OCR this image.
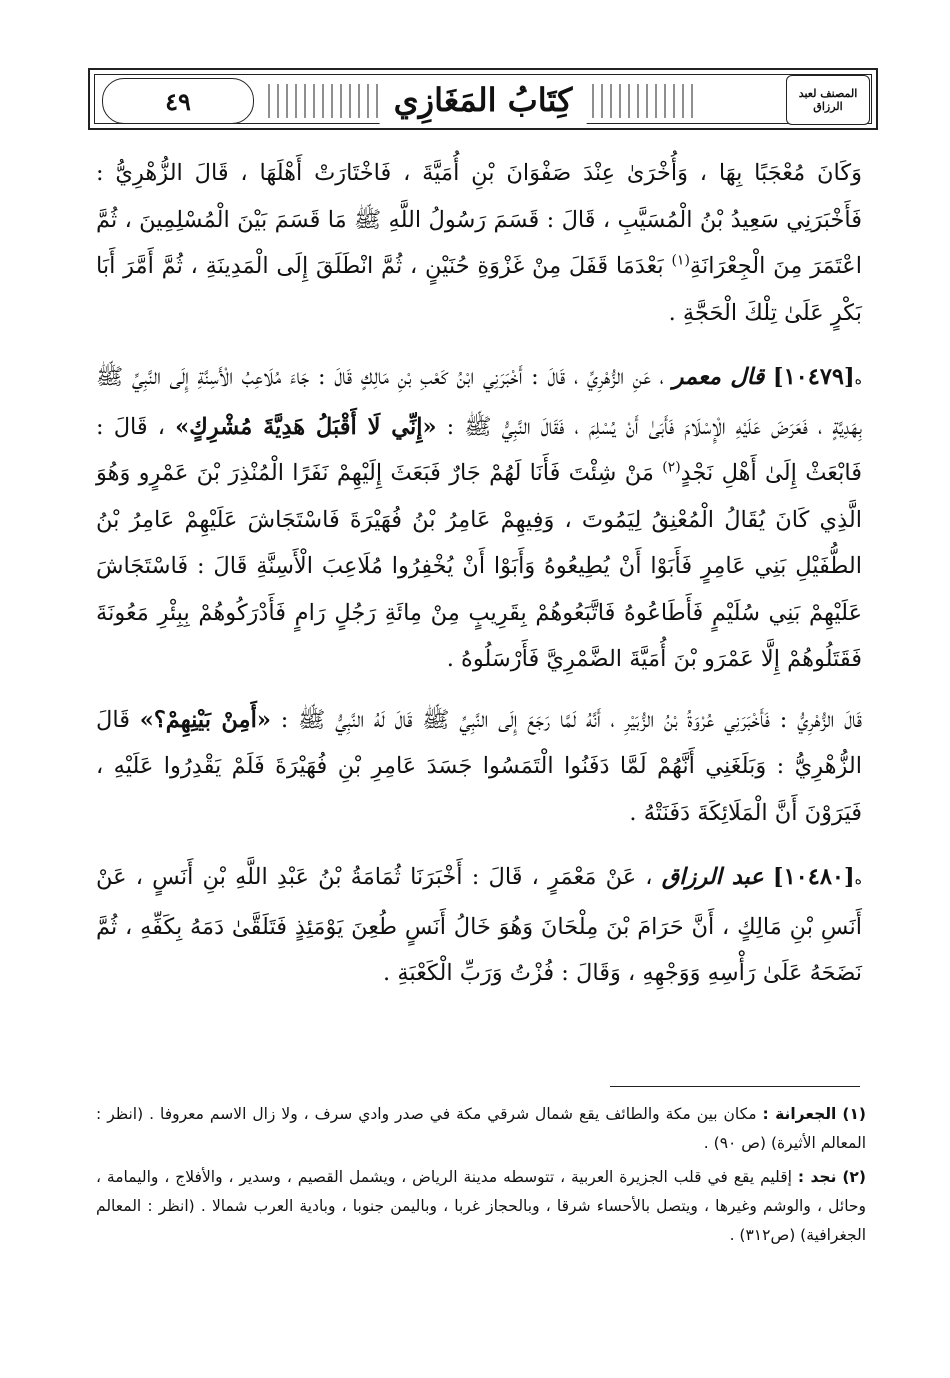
٤٩	كِتَابُ المَغَازِي	المصنف لعبد الرزاق

وَكَانَ مُعْجَبًا بِهَا ، وَأُخْرَىٰ عِنْدَ صَفْوَانَ بْنِ أُمَيَّةَ ، فَاخْتَارَتْ أَهْلَهَا ، قَالَ الزُّهْرِيُّ : فَأَخْبَرَنِي سَعِيدُ بْنُ الْمُسَيَّبِ ، قَالَ : قَسَمَ رَسُولُ اللَّهِ ﷺ مَا قَسَمَ بَيْنَ الْمُسْلِمِينَ ، ثُمَّ اعْتَمَرَ مِنَ الْجِعْرَانَةِ$^{(١)}$ بَعْدَمَا قَفَلَ مِنْ غَزْوَةِ حُنَيْنٍ ، ثُمَّ انْطَلَقَ إِلَى الْمَدِينَةِ ، ثُمَّ أَمَّرَ أَبَا بَكْرٍ عَلَىٰ تِلْكَ الْحَجَّةِ .

ه[١٠٤٧٩] قال معمر ، عَنِ الزُّهْرِيِّ ، قَالَ : أَخْبَرَنِي ابْنُ كَعْبِ بْنِ مَالِكٍ قَالَ : جَاءَ مُلَاعِبُ الْأَسِنَّةِ إِلَى النَّبِيِّ ﷺ بِهَدِيَّةٍ ، فَعَرَضَ عَلَيْهِ الْإِسْلَامَ فَأَبَىٰ أَنْ يُسْلِمَ ، فَقَالَ النَّبِيُّ ﷺ : «إِنِّي لَا أَقْبَلُ هَدِيَّةَ مُشْرِكٍ» ، قَالَ : فَابْعَثْ إِلَىٰ أَهْلِ نَجْدٍ$^{(٢)}$ مَنْ شِئْتَ فَأَنَا لَهُمْ جَارٌ فَبَعَثَ إِلَيْهِمْ نَفَرًا الْمُنْذِرَ بْنَ عَمْرٍو وَهُوَ الَّذِي كَانَ يُقَالُ الْمُعْنِقُ لِيَمُوتَ ، وَفِيهِمْ عَامِرُ بْنُ فُهَيْرَةَ فَاسْتَجَاشَ عَلَيْهِمْ عَامِرُ بْنُ الطُّفَيْلِ بَنِي عَامِرٍ فَأَبَوْا أَنْ يُطِيعُوهُ وَأَبَوْا أَنْ يُخْفِرُوا مُلَاعِبَ الْأَسِنَّةِ قَالَ : فَاسْتَجَاشَ عَلَيْهِمْ بَنِي سُلَيْمٍ فَأَطَاعُوهُ فَاتَّبَعُوهُمْ بِقَرِيبٍ مِنْ مِائَةِ رَجُلٍ رَامٍ فَأَدْرَكُوهُمْ بِبِئْرِ مَعُونَةَ فَقَتَلُوهُمْ إِلَّا عَمْرَو بْنَ أُمَيَّةَ الضَّمْرِيَّ فَأَرْسَلُوهُ .

قَالَ الزُّهْرِيُّ : فَأَخْبَرَنِي عُرْوَةُ بْنُ الزُّبَيْرِ ، أَنَّهُ لَمَّا رَجَعَ إِلَى النَّبِيِّ ﷺ قَالَ لَهُ النَّبِيُّ ﷺ : «أَمِنْ بَيْنِهِمْ؟» قَالَ الزُّهْرِيُّ : وَبَلَغَنِي أَنَّهُمْ لَمَّا دَفَنُوا الْتَمَسُوا جَسَدَ عَامِرِ بْنِ فُهَيْرَةَ فَلَمْ يَقْدِرُوا عَلَيْهِ ، فَيَرَوْنَ أَنَّ الْمَلَائِكَةَ دَفَنَتْهُ .

ه[١٠٤٨٠] عبد الرزاق ، عَنْ مَعْمَرٍ ، قَالَ : أَخْبَرَنَا ثُمَامَةُ بْنُ عَبْدِ اللَّهِ بْنِ أَنَسٍ ، عَنْ أَنَسِ بْنِ مَالِكٍ ، أَنَّ حَرَامَ بْنَ مِلْحَانَ وَهُوَ خَالُ أَنَسٍ طُعِنَ يَوْمَئِذٍ فَتَلَقَّىٰ دَمَهُ بِكَفِّهِ ، ثُمَّ نَضَحَهُ عَلَىٰ رَأْسِهِ وَوَجْهِهِ ، وَقَالَ : فُزْتُ وَرَبِّ الْكَعْبَةِ .

(١) الجعرانة : مكان بين مكة والطائف يقع شمال شرقي مكة في صدر وادي سرف ، ولا زال الاسم معروفا . (انظر : المعالم الأثيرة) (ص ٩٠) .

(٢) نجد : إقليم يقع في قلب الجزيرة العربية ، تتوسطه مدينة الرياض ، ويشمل القصيم ، وسدير ، والأفلاج ، واليمامة ، وحائل ، والوشم وغيرها ، ويتصل بالأحساء شرقا ، وبالحجاز غربا ، وباليمن جنوبا ، وبادية العرب شمالا . (انظر : المعالم الجغرافية) (ص٣١٢) .
